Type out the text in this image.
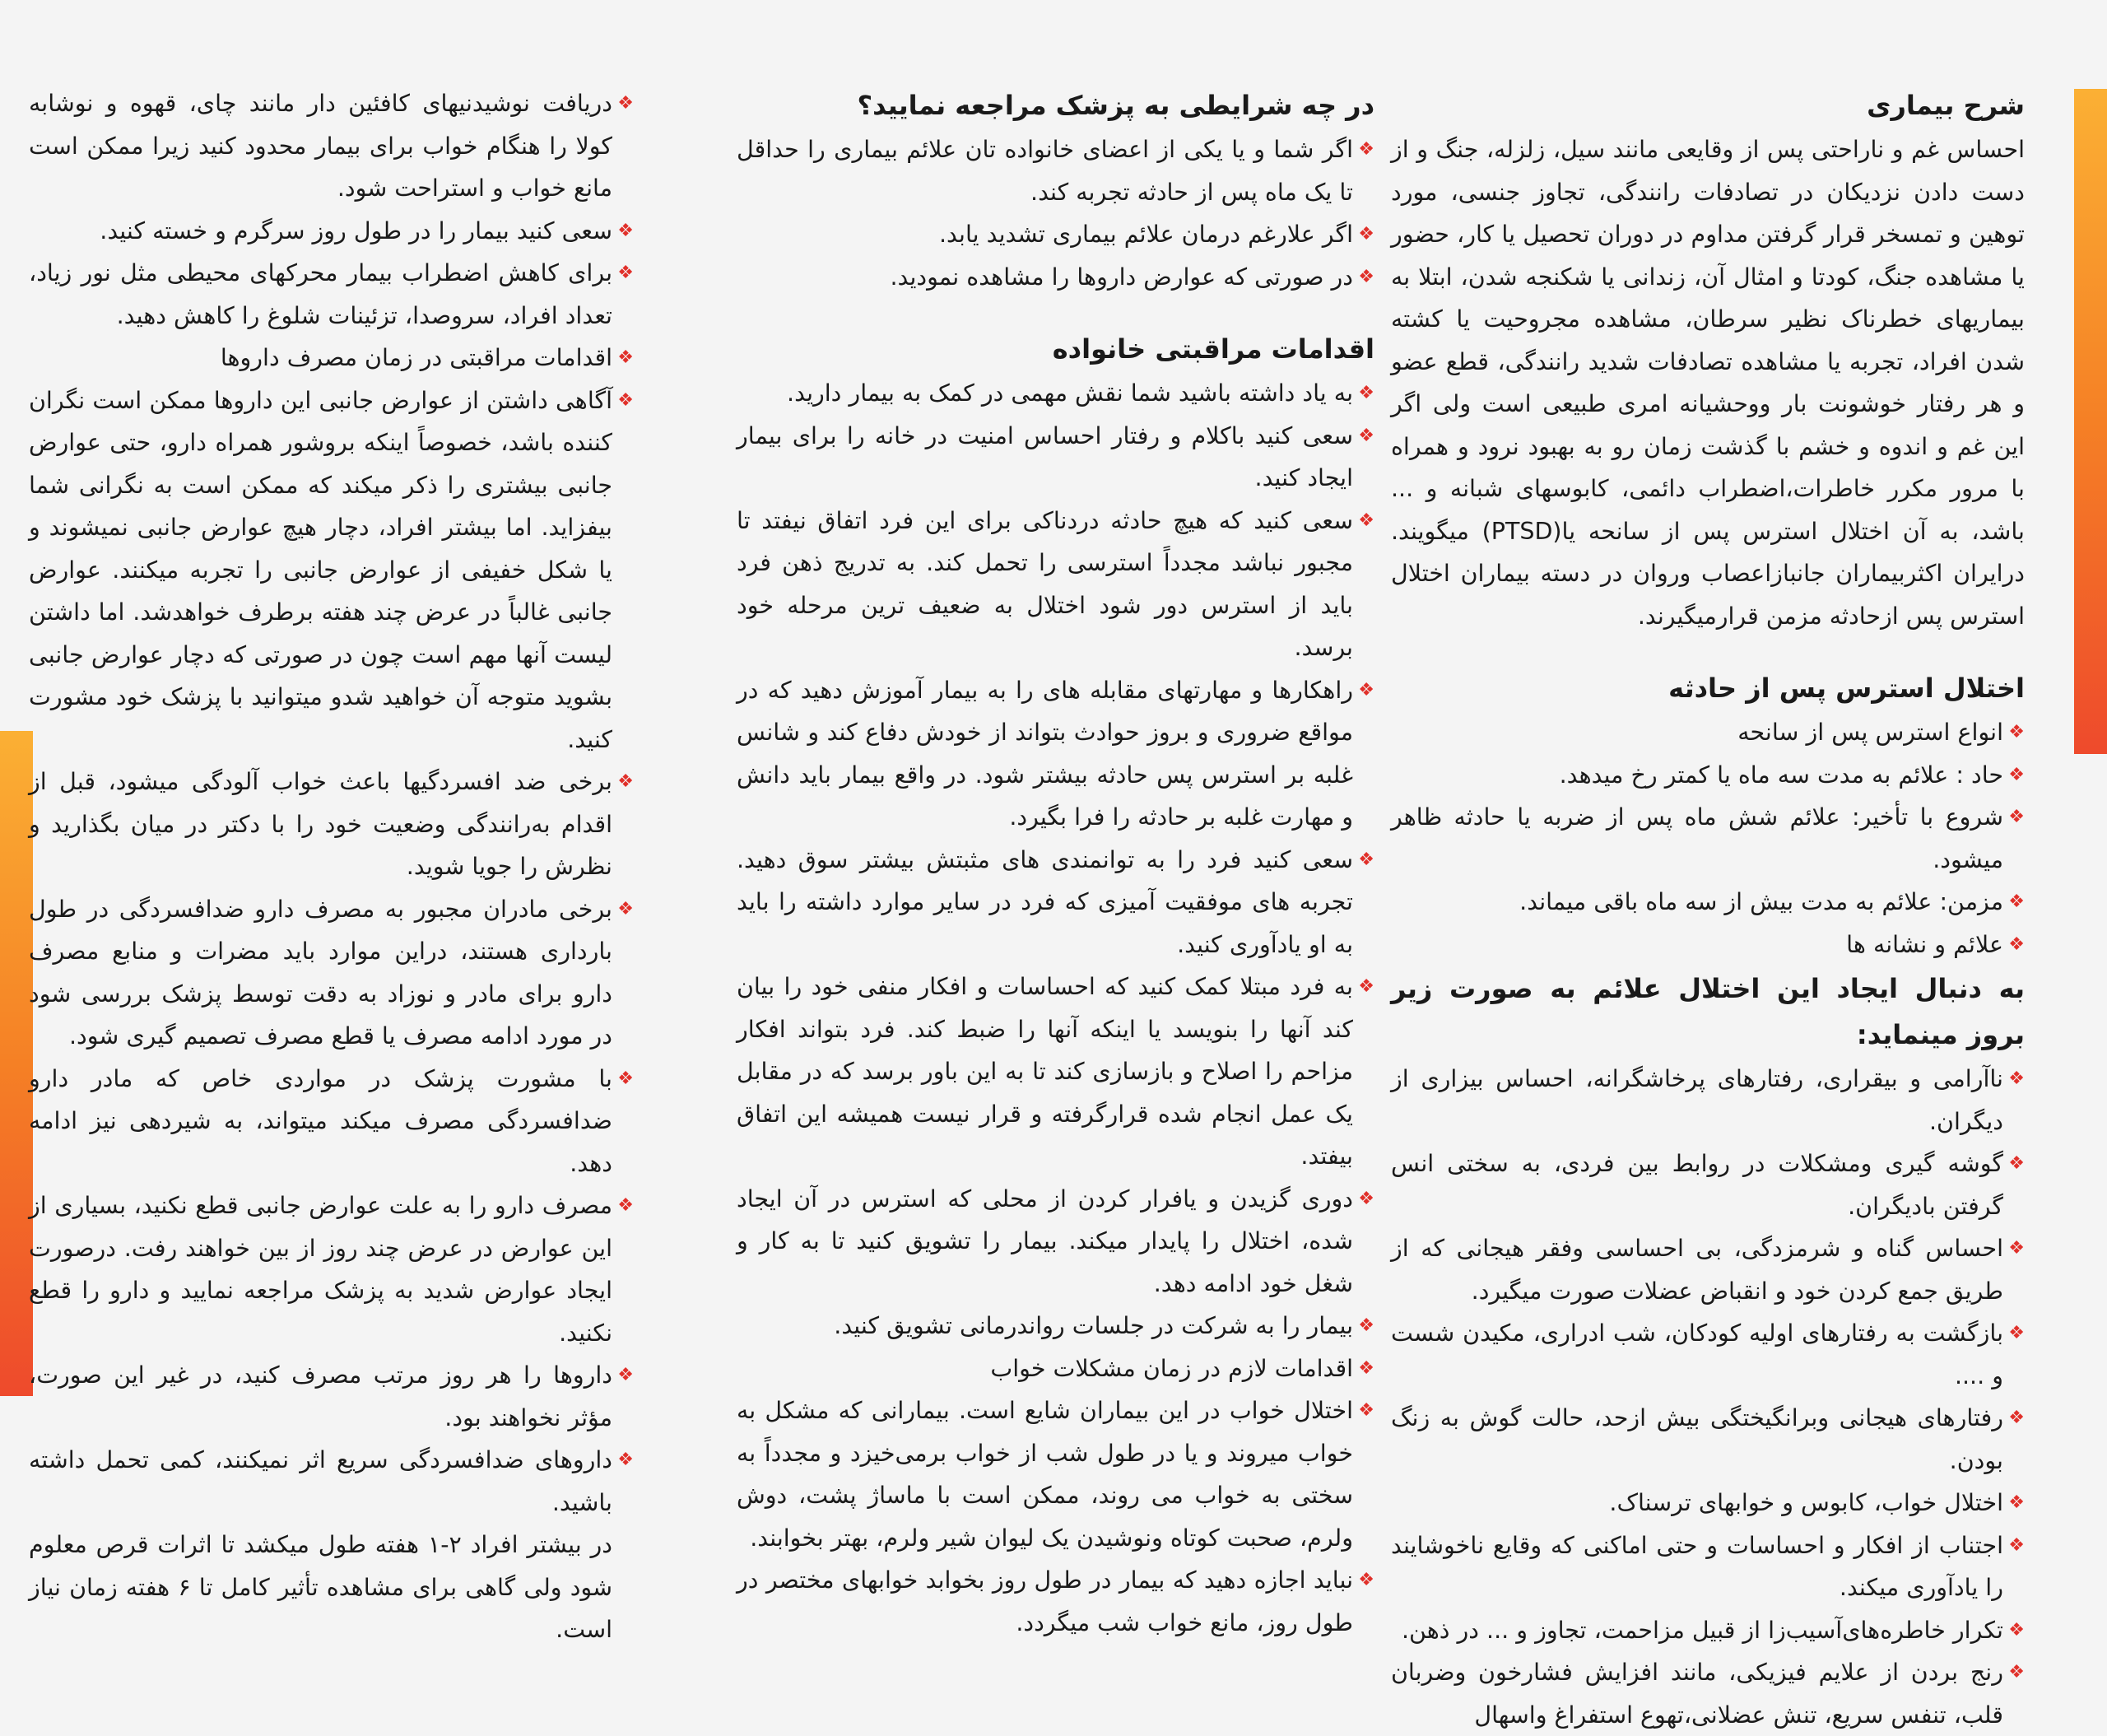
شرح بیماری

احساس غم و ناراحتی پس از وقایعی مانند سیل، زلزله، جنگ و از دست دادن نزدیکان در تصادفات رانندگی، تجاوز جنسی، مورد توهین و تمسخر قرار گرفتن مداوم در دوران تحصیل یا کار، حضور یا مشاهده جنگ، کودتا و امثال آن، زندانی یا شکنجه شدن، ابتلا به بیماریهای خطرناک نظیر سرطان، مشاهده مجروحیت یا کشته شدن افراد، تجربه یا مشاهده تصادفات شدید رانندگی، قطع عضو و هر رفتار خوشونت بار ووحشیانه امری طبیعی است ولی اگر این غم و اندوه و خشم با گذشت زمان رو به بهبود نرود و همراه با مرور مکرر خاطرات،اضطراب دائمی، کابوسهای شبانه و ... باشد، به آن اختلال استرس پس از سانحه یا(PTSD) میگویند. درایران اکثربیماران جانبازاعصاب وروان در دسته بیماران اختلال استرس پس ازحادثه مزمن قرارمیگیرند.

اختلال استرس پس از حادثه
❖
انواع استرس پس از سانحه
❖
حاد : علائم به مدت سه ماه یا کمتر رخ میدهد.
❖
شروع با تأخیر: علائم شش ماه پس از ضربه یا حادثه ظاهر میشود.
❖
مزمن: علائم به مدت بیش از سه ماه باقی میماند.
❖
علائم و نشانه ها
به دنبال ایجاد این اختلال علائم به صورت زیر بروز مینماید:
❖
ناآرامی و بیقراری، رفتارهای پرخاشگرانه، احساس بیزاری از دیگران.
❖
گوشه گیری ومشکلات در روابط بین فردی، به سختی انس گرفتن بادیگران.
❖
احساس گناه و شرمزدگی، بی احساسی وفقر هیجانی که از طریق جمع کردن خود و انقباض عضلات صورت میگیرد.
❖
بازگشت به رفتارهای اولیه کودکان، شب ادراری، مکیدن شست و ....
❖
رفتارهای هیجانی وبرانگیختگی بیش ازحد، حالت گوش به زنگ بودن.
❖
اختلال خواب، کابوس و خوابهای ترسناک.
❖
اجتناب از افکار و احساسات و حتی اماکنی که وقایع ناخوشایند را یادآوری میکند.
❖
تکرار خاطره‌های‌آسیب‌زا از قبیل مزاحمت، تجاوز و ... در ذهن.
❖
رنج بردن از علایم فیزیکی، مانند افزایش فشارخون وضربان قلب، تنفس سریع، تنش عضلانی،تهوع استفراغ واسهال
در چه شرایطی به پزشک مراجعه نمایید؟
❖
اگر شما و یا یکی از اعضای خانواده تان علائم بیماری را حداقل تا یک ماه پس از حادثه تجربه کند.
❖
اگر علارغم درمان علائم بیماری تشدید یابد.
❖
در صورتی که عوارض داروها را مشاهده نمودید.
اقدامات مراقبتی خانواده
❖
به یاد داشته باشید شما نقش مهمی در کمک به بیمار دارید.
❖
سعی کنید باکلام و رفتار احساس امنیت در خانه را برای بیمار ایجاد کنید.
❖
سعی کنید که هیچ حادثه دردناکی برای این فرد اتفاق نیفتد تا مجبور نباشد مجدداً استرسی را تحمل کند. به تدریج ذهن فرد باید از استرس دور شود اختلال به ضعیف ترین مرحله خود برسد.
❖
راهکارها و مهارتهای مقابله‌ های را به بیمار آموزش دهید که در مواقع ضروری و بروز حوادث بتواند از خودش دفاع کند و شانس غلبه بر استرس پس حادثه بیشتر شود. در واقع بیمار باید دانش و مهارت غلبه بر حادثه را فرا بگیرد.
❖
سعی کنید فرد را به توانمندی های مثبتش بیشتر سوق دهید. تجربه های موفقیت آمیزی که فرد در سایر موارد داشته را باید به او یادآوری کنید.
❖
به فرد مبتلا کمک کنید که احساسات و افکار منفی خود را بیان کند آنها را بنویسد یا اینکه آنها را ضبط کند. فرد بتواند افکار مزاحم را اصلاح و بازسازی کند تا به این باور برسد که در مقابل یک عمل انجام شده قرارگرفته و قرار نیست همیشه این اتفاق بیفتد.
❖
دوری گزیدن و یافرار کردن از محلی که استرس در آن ایجاد شده، اختلال را پایدار میکند. بیمار را تشویق کنید تا به کار و شغل خود ادامه دهد.
❖
بیمار را به شرکت در جلسات رواندرمانی تشویق کنید.
❖
اقدامات لازم در زمان مشکلات خواب
❖
اختلال خواب در این بیماران شایع است. بیمارانی که مشکل به خواب میروند و یا در طول شب از خواب برمی‌خیزد و مجدداً به سختی به خواب می روند، ممکن است با ماساژ پشت، دوش ولرم، صحبت کوتاه ونوشیدن یک لیوان شیر ولرم، بهتر بخوابند.
❖
نباید اجازه دهید که بیمار در طول روز بخوابد خوابهای مختصر در طول روز، مانع خواب شب میگردد.
❖
دریافت نوشیدنیهای کافئین دار مانند چای، قهوه و نوشابه کولا را هنگام خواب برای بیمار محدود کنید زیرا ممکن است مانع خواب و استراحت شود.
❖
سعی کنید بیمار را در طول روز سرگرم و خسته کنید.
❖
برای کاهش اضطراب بیمار محرکهای محیطی مثل نور زیاد، تعداد افراد، سروصدا، تزئینات شلوغ را کاهش دهید.
❖
اقدامات مراقبتی در زمان مصرف داروها
❖
آگاهی داشتن از عوارض جانبی این داروها ممکن است نگران کننده باشد، خصوصاً اینکه بروشور همراه دارو، حتی عوارض جانبی بیشتری را ذکر میکند که ممکن است به نگرانی شما بیفزاید. اما بیشتر افراد، دچار هیچ عوارض جانبی نمیشوند و یا شکل خفیفی از عوارض جانبی را تجربه میکنند. عوارض جانبی غالباً در عرض چند هفته برطرف خواهدشد. اما داشتن لیست آنها مهم است چون در صورتی که دچار عوارض جانبی بشوید متوجه آن خواهید شدو میتوانید با پزشک خود مشورت کنید.
❖
برخی ضد افسردگیها باعث خواب آلودگی میشود، قبل از اقدام به‌رانندگی وضعیت خود را با دکتر در میان بگذارید و نظرش را جویا شوید.
❖
برخی مادران مجبور به مصرف دارو ضدافسردگی در طول بارداری هستند، دراین موارد باید مضرات و منابع مصرف دارو برای مادر و نوزاد به دقت توسط پزشک بررسی شود در مورد ادامه مصرف یا قطع مصرف تصمیم گیری شود.
❖
با مشورت پزشک در مواردی خاص که مادر دارو ضدافسردگی مصرف میکند میتواند، به شیردهی نیز ادامه دهد.
❖
مصرف دارو را به علت عوارض جانبی قطع نکنید، بسیاری از این عوارض در عرض چند روز از بین خواهند رفت. درصورت ایجاد عوارض شدید به پزشک مراجعه نمایید و دارو را قطع نکنید.
❖
داروها را هر روز مرتب مصرف کنید، در غیر این صورت، مؤثر نخواهند بود.
❖
داروهای ضدافسردگی سریع اثر نمیکنند، کمی تحمل داشته باشید.
در بیشتر افراد ۲-۱ هفته طول میکشد تا اثرات قرص معلوم شود ولی گاهی برای مشاهده تأثیر کامل تا ۶ هفته زمان نیاز است.
